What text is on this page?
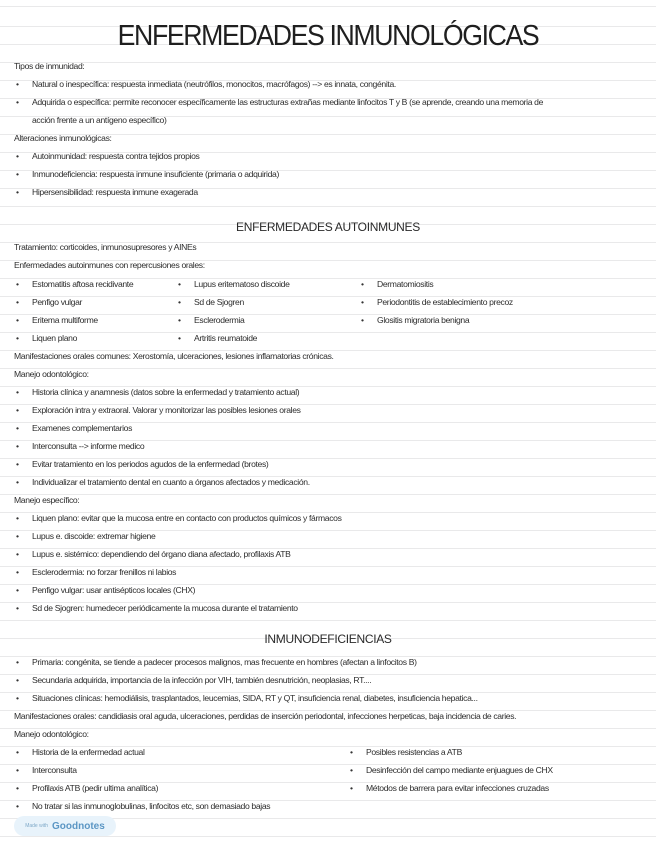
ENFERMEDADES INMUNOLÓGICAS
Tipos de inmunidad:
• Natural o inespecífica: respuesta inmediata (neutrófilos, monocitos, macrófagos) --> es innata, congénita.
• Adquirida o específica: permite reconocer específicamente las estructuras extrañas mediante linfocitos T y B (se aprende, creando una memoria de
acción frente a un antígeno específico)
Alteraciones inmunológicas:
• Autoinmunidad: respuesta contra tejidos propios
• Inmunodeficiencia: respuesta inmune insuficiente (primaria o adquirida)
• Hipersensibilidad: respuesta inmune exagerada
ENFERMEDADES AUTOINMUNES
Tratamiento: corticoides, inmunosupresores y AINEs
Enfermedades autoinmunes con repercusiones orales:
• Estomatitis aftosa recidivante
• Penfigo vulgar
• Eritema multiforme
• Liquen plano
• Lupus eritematoso discoide
• Sd de Sjogren
• Esclerodermia
• Artritis reumatoide
• Dermatomiositis
• Periodontitis de establecimiento precoz
• Glositis migratoria benigna
Manifestaciones orales comunes: Xerostomía, ulceraciones, lesiones inflamatorias crónicas.
Manejo odontológico:
• Historia clínica y anamnesis (datos sobre la enfermedad y tratamiento actual)
• Exploración intra y extraoral. Valorar y monitorizar las posibles lesiones orales
• Examenes complementarios
• Interconsulta --> informe medico
• Evitar tratamiento en los periodos agudos de la enfermedad (brotes)
• Individualizar el tratamiento dental en cuanto a órganos afectados y medicación.
Manejo específico:
• Liquen plano: evitar que la mucosa entre en contacto con productos químicos y fármacos
• Lupus e. discoide: extremar higiene
• Lupus e. sistémico: dependiendo del órgano diana afectado, profilaxis ATB
• Esclerodermia: no forzar frenillos ni labios
• Penfigo vulgar: usar antisépticos locales (CHX)
• Sd de Sjogren: humedecer periódicamente la mucosa durante el tratamiento
INMUNODEFICIENCIAS
• Primaria: congénita, se tiende a padecer procesos malignos, mas frecuente en hombres (afectan a linfocitos B)
• Secundaria adquirida, importancia de la infección por VIH, también desnutrición, neoplasias, RT....
• Situaciones clínicas: hemodiálisis, trasplantados, leucemias, SIDA, RT y QT, insuficiencia renal, diabetes, insuficiencia hepatica...
Manifestaciones orales: candidiasis oral aguda, ulceraciones, perdidas de inserción periodontal, infecciones herpeticas, baja incidencia de caries.
Manejo odontológico:
• Historia de la enfermedad actual
• Interconsulta
• Profilaxis ATB (pedir ultima analítica)
• No tratar si las inmunoglobulinas, linfocitos etc, son demasiado bajas
• Posibles resistencias a ATB
• Desinfección del campo mediante enjuagues de CHX
• Métodos de barrera para evitar infecciones cruzadas
Made with Goodnotes
